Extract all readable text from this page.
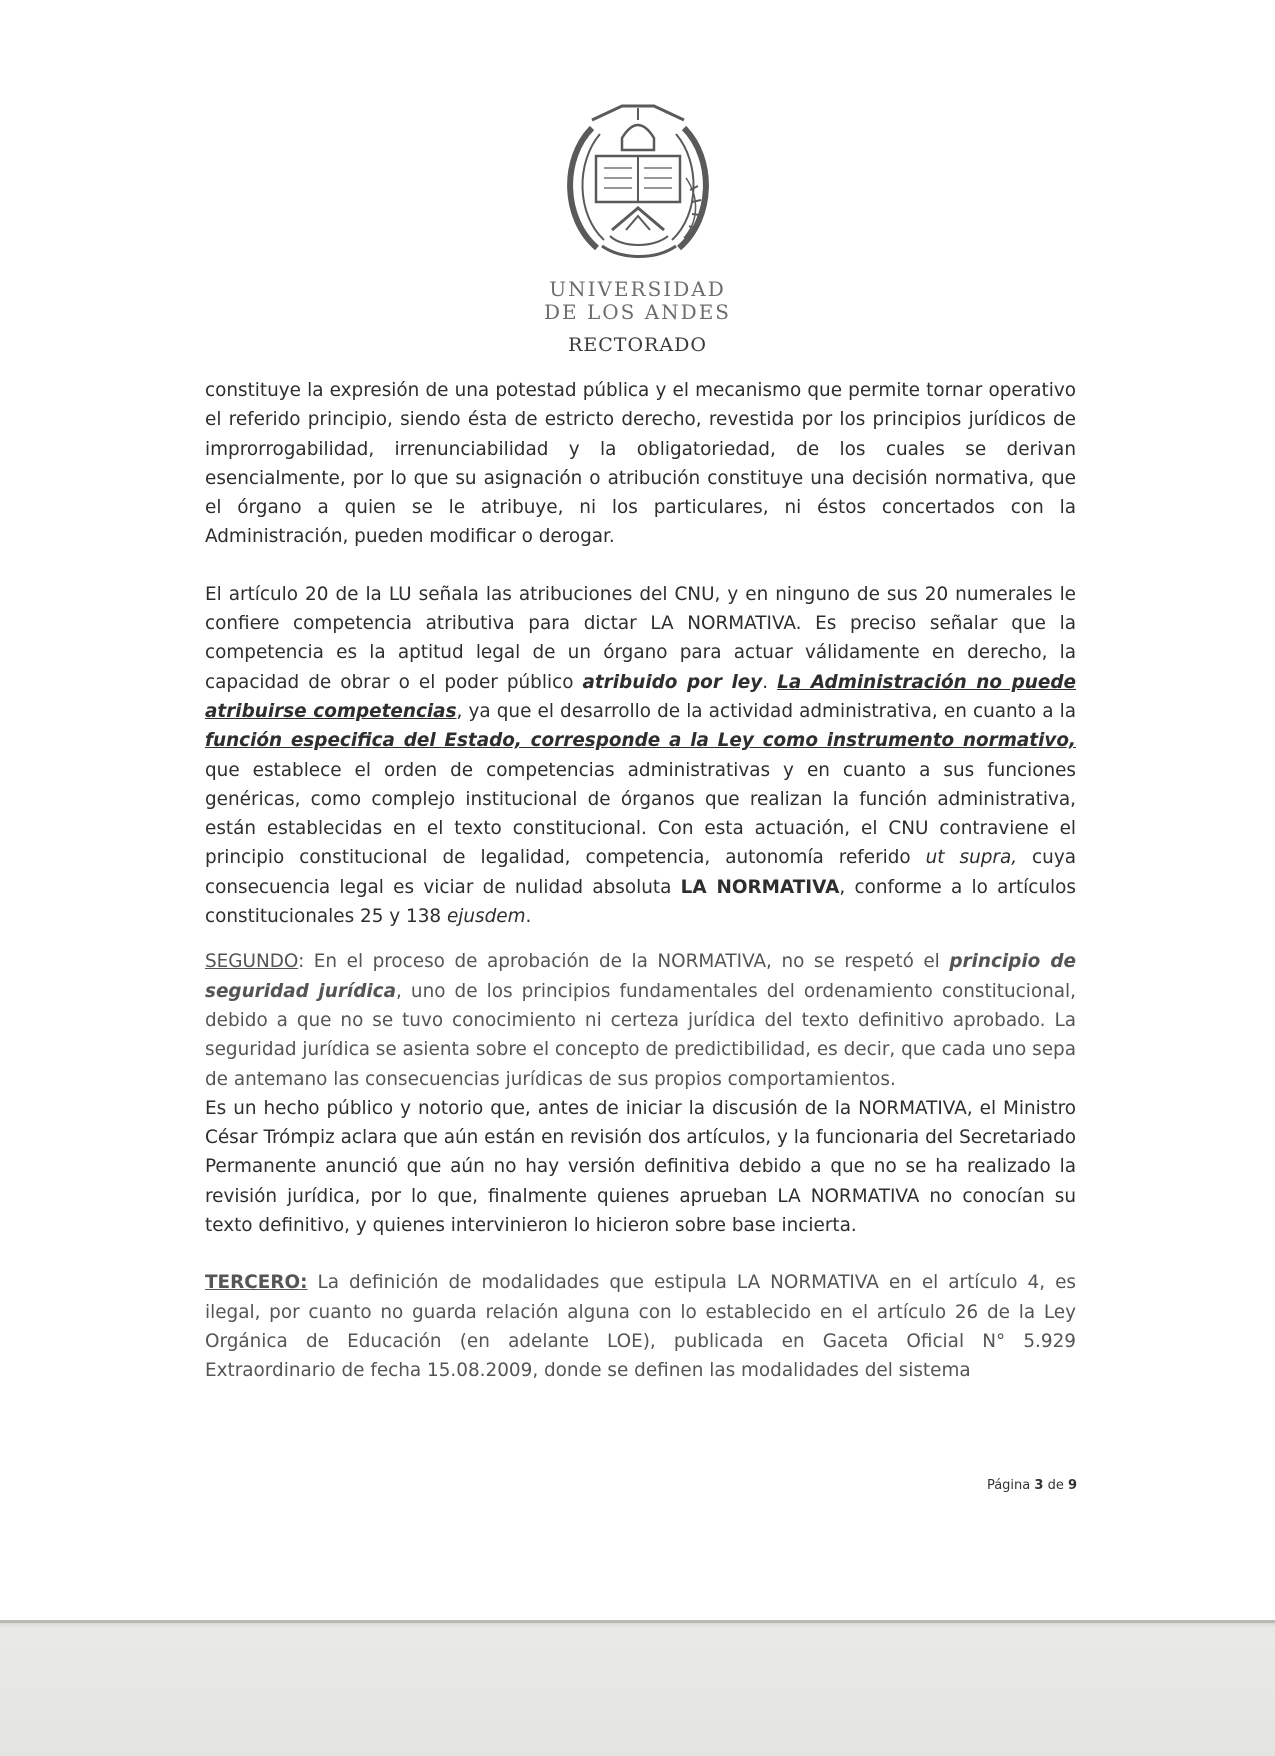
UNIVERSIDAD
DE LOS ANDES
RECTORADO

constituye la expresión de una potestad pública y el mecanismo que permite tornar operativo el referido principio, siendo ésta de estricto derecho, revestida por los principios jurídicos de improrrogabilidad, irrenunciabilidad y la obligatoriedad, de los cuales se derivan esencialmente, por lo que su asignación o atribución constituye una decisión normativa, que el órgano a quien se le atribuye, ni los particulares, ni éstos concertados con la Administración, pueden modificar o derogar.

El artículo 20 de la LU señala las atribuciones del CNU, y en ninguno de sus 20 numerales le confiere competencia atributiva para dictar LA NORMATIVA. Es preciso señalar que la competencia es la aptitud legal de un órgano para actuar válidamente en derecho, la capacidad de obrar o el poder público atribuido por ley. La Administración no puede atribuirse competencias, ya que el desarrollo de la actividad administrativa, en cuanto a la función especifica del Estado, corresponde a la Ley como instrumento normativo, que establece el orden de competencias administrativas y en cuanto a sus funciones genéricas, como complejo institucional de órganos que realizan la función administrativa, están establecidas en el texto constitucional. Con esta actuación, el CNU contraviene el principio constitucional de legalidad, competencia, autonomía referido ut supra, cuya consecuencia legal es viciar de nulidad absoluta LA NORMATIVA, conforme a lo artículos constitucionales 25 y 138 ejusdem.

SEGUNDO: En el proceso de aprobación de la NORMATIVA, no se respetó el principio de seguridad jurídica, uno de los principios fundamentales del ordenamiento constitucional, debido a que no se tuvo conocimiento ni certeza jurídica del texto definitivo aprobado. La seguridad jurídica se asienta sobre el concepto de predictibilidad, es decir, que cada uno sepa de antemano las consecuencias jurídicas de sus propios comportamientos.

Es un hecho público y notorio que, antes de iniciar la discusión de la NORMATIVA, el Ministro César Trómpiz aclara que aún están en revisión dos artículos, y la funcionaria del Secretariado Permanente anunció que aún no hay versión definitiva debido a que no se ha realizado la revisión jurídica, por lo que, finalmente quienes aprueban LA NORMATIVA no conocían su texto definitivo, y quienes intervinieron lo hicieron sobre base incierta.

TERCERO: La definición de modalidades que estipula LA NORMATIVA en el artículo 4, es ilegal, por cuanto no guarda relación alguna con lo establecido en el artículo 26 de la Ley Orgánica de Educación (en adelante LOE), publicada en Gaceta Oficial N° 5.929 Extraordinario de fecha 15.08.2009, donde se definen las modalidades del sistema

Página 3 de 9
